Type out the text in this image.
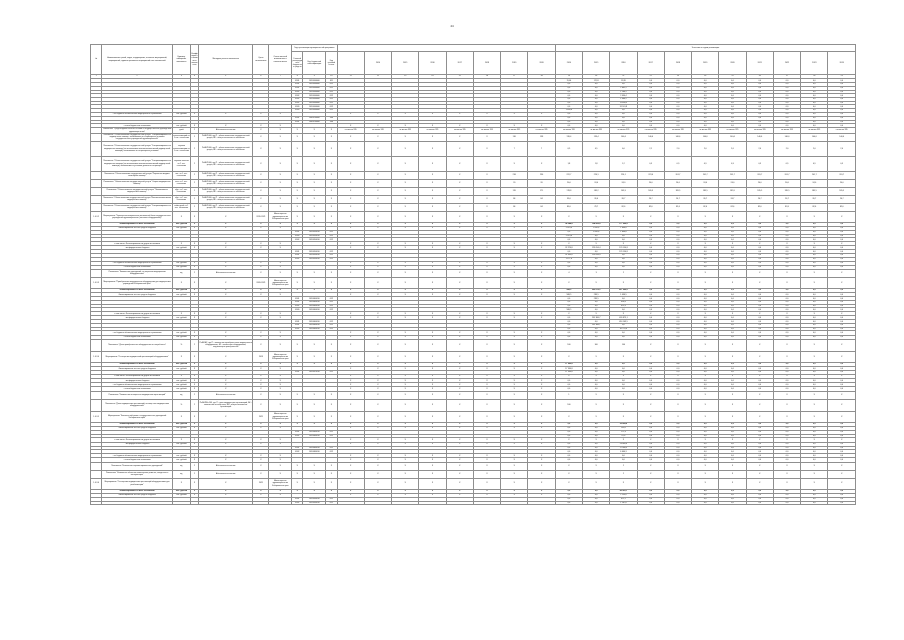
44
№	Наименование целей, задач, подпрограмм, основных мероприятий, мероприятий, административных мероприятий и их показателей	Единица измерения показателя	Коэффициент значимости показателя	Методика расчета показателя	Орган исполнитель	Ответственный исполнитель и соисполнитель	Годы реализации муниципальной программы											Значения по годам реализации										
							Главный распорядитель бюджетных средств	Код бюджетной классификации	Код целевой статьи		2014	2015	2016	2017	2018	2019	2020	2014	2015	2016	2017	2018	2019	2020	2021	2022	2023	2024
1	2	3	4	5	6	7	8	9	10	11	12	13	14	15	16	17	18	19	20	21	22	23	24	25	26	27	28	29
							0901	1650000000	611									11,04	12,18	11,89	0,0	0,0	0,0	0,0	0,0	0,0	0,0	0,0
							0901	1650000000	612									0,0	0,0	0,0	0,0	0,0	0,0	0,0	0,0	0,0	0,0	0,0
							0901	1650000000	621									0,0	0,0	2 862,5	0,0	0,0	0,0	0,0	0,0	0,0	0,0	0,0
							0902	1650000000	612									0,0	0,0	1 280,5	0,0	0,0	0,0	0,0	0,0	0,0	0,0	0,0
							0902	1650000000	612									0,0	0,0	2 094,4	0,0	0,0	0,0	0,0	0,0	0,0	0,0	0,0
							0902	1650000000	612									0,0	0,0	1 080,5	0,0	0,0	0,0	0,0	0,0	0,0	0,0	0,0
							0902	1650000000	622									0,0	0,0	11 604,3	0,0	0,0	0,0	0,0	0,0	0,0	0,0	0,0
							0909	1650000000	612									0,0	0,0	31 161,8	0,0	0,0	0,0	0,0	0,0	0,0	0,0	0,0
							0909	1650000000	612									1 843,8	0,0	0,0	0,0	0,0	0,0	0,0	0,0	0,0	0,0	0,0
	- из бюджета обязательного медицинского страхования	тыс. рублей	X	X	X	X				X	X	X	X	X	X	X	X	0,0	0,0	0,0	0,0	0,0	0,0	0,0	0,0	0,0	0,0	0,0
							0901	1660700000	346									0,0	0,0	0,0	0,0	0,0	0,0	0,0	0,0	0,0	0,0	0,0
							0901	1660700000	346									0,0	0,0	0,0	0,0	0,0	0,0	0,0	0,0	0,0	0,0	0,0
	- из внебюджетных источников	тыс. рублей	X	X	X	X				X	X	X	X	X	X	X	X	0,0	0,0	0,0	0,0	0,0	0,0	0,0	0,0	0,0	0,0	0,0
	Показатель "Среднегодовая занятость койки в государственных учреждениях здравоохранения"	дней	2	Абсолютное значение	X	X	X	X	X	не менее 335	не менее 335	не менее 335	не менее 335	не менее 335	не менее 335	не менее 335	не менее 335	не менее 335	не менее 335	не менее 335	не менее 335	не менее 335	не менее 335	не менее 335	не менее 335	не менее 335	не менее 335	не менее 335
	Показатель "Объем оказания государственной услуги "Специализированная медицинская помощь, оказываемая в стационарных условиях государственных учреждений здравоохранения"	госпитализаций на 1 тыс. населения	2	П=ΔF/1000, где П - объем оказанных государственной услуги, ΔF - общая численность населения	X	X	X	X	X	X	X	X	X	X	X	130	138	139,4	139,4	140,6	140,6	140,6	140,6	140,6	140,6	140,6	140,6	140,6
	Показатель "Объем оказания государственной услуги "Специализированная медицинская помощь (за исключением высокотехнологичной медицинской помощи), оказываемая в стационарных условиях"	случаев госпитализации на 1 тыс. населения	2	П=ΔF/1000, где П - объем оказанных государственной услуги, ΔF - общая численность населения	X	X	X	X	X	X	X	X	X	X	X	7	7	6,9	4,5	0,0	2,1	2,0	2,0	2,0	2,0	2,0	2,0	2,0
	Показатель "Объем оказания государственной услуги "Специализированная медицинская помощь (за исключением высокотехнологичной медицинской помощи), оказываемая в условиях дневного стационара"	случаев лечения на 1 тыс. населения	2	П=ΔF/1000, где П - объем оказанных государственной услуги, ΔF - общая численность населения	X	X	X	X	X	X	X	X	X	X	X	X	X	1,8	1,8	1,2	0,9	0,9	0,9	0,9	0,9	0,9	0,9	0,9
	Показатель "Объем оказания государственной услуги "Первичная медико-санитарная помощь"	пос. на 1 тыс. населения	2	П=ΔF/1000, где П - объем оказанных государственной услуги, ΔF - общая численность населения	X	X	X	X	X	X	X	X	X	X	X	236	236	222,7	226,1	226,1	274,6	201,7	201,7	201,7	201,7	201,7	201,7	201,7
	Показатель "Объем оказания государственной услуги "Скорая медицинская помощь"	выз. на 1 тыс. населения	2	П=ΔF/1000, где П - объем оказанных государственной услуги, ΔF - общая численность населения	X	X	X	X	X	X	X	X	X	X	X	20	20	20,0	24,0	24,0	24,0	24,0	24,0	24,0	24,0	24,0	24,0	24,0
	Показатель "Объем оказания государственной услуги "Паллиативная медицинская помощь"	к/дн. на 1 тыс. населения	2	П=ΔF/1000, где П - объем оказанных государственной услуги, ΔF - общая численность населения	X	X	X	X	X	X	X	X	X	X	X	135	171	178,8	185,2	169,9	169,9	185,5	185,5	185,5	185,5	185,5	185,5	185,5
	Показатель "Объем оказания государственной услуги "Высокотехнологичная медицинская помощь"	к/дн. на 1 тыс. населения	2	П=ΔF/1000, где П - объем оказанных государственной услуги, ΔF - общая численность населения	X	X	X	X	X	X	X	X	X	X	X	84	84	33,0	26,6	26,7	26,7	26,7	26,7	26,7	26,7	26,7	26,7	26,7
	Показатель "Объем оказания государственной услуги "Специализированная медицинская помощь"	койко-дней на 1 тыс. населения	2	П=ΔF/1000, где П - объем оказанных государственной услуги, ΔF - общая численность населения	X	X	X	X	X	X	X	X	X	X	X	84	84	83,0	78,7	82,6	82,6	82,6	82,6	82,6	82,6	82,6	82,6	82,6
1.4.3.2	Мероприятие "Укрепление материально-технической базы государственных учреждений здравоохранения (поставка оборудования)"	X	X	X	2019-2021	Министерство здравоохранения Хабаровского края	X	X	X	X	X	X	X	X	X	X	X	X	X	X	X	X	X	X	X	X	X	X
	Финансирование из всех источников	тыс. рублей	X	X	X	X	X	X	X	X	X	X	X	X	X	X	X	34 344,8	124 682,8	177 999,6	0,0	0,0	0,0	0,0	0,0	0,0	0,0	0,0
	Финансирование за счет средств бюджета	тыс. рублей	X	X	X	X				X	X	X	X	X	X	X	X	2 074,0	1 626,4	1 844,8	0,0	0,0	0,0	0,0	0,0	0,0	0,0	0,0
							0901	1650050010	612									0,0	1 626,4	1 844,8	0,0	0,0	0,0	0,0	0,0	0,0	0,0	0,0
							0909	1650050010	612									2 074,0	0,0	0,0	0,0	0,0	0,0	0,0	0,0	0,0	0,0	0,0
							0902	1650050010	612									0,0	0,0	0,0	0,0	0,0	0,0	0,0	0,0	0,0	0,0	0,0
	в том числе: Финансирование из других источников	X	X	X	X	X				X	X	X	X	X	X	X	X	X	X	X	X	X	X	X	X	X	X	X
	- из федерального бюджета	тыс. рублей	X	X	X	X				X	X	X	X	X	X	X	X	32 270,8	123 056,4	176 154,8	0,0	0,0	0,0	0,0	0,0	0,0	0,0	0,0
							0901	1650050010	612									0,0	0,0	176 154,8	0,0	0,0	0,0	0,0	0,0	0,0	0,0	0,0
							0901	1650050010	612									31 093,0	123 056,4	0,0	0,0	0,0	0,0	0,0	0,0	0,0	0,0	0,0
							0902	1650050010	612									1 177,8	0,0	0,0	0,0	0,0	0,0	0,0	0,0	0,0	0,0	0,0
	- из бюджета обязательного медицинского страхования	тыс. рублей	X	X	X	X				X	X	X	X	X	X	X	X	0,0	0,0	0,0	0,0	0,0	0,0	0,0	0,0	0,0	0,0	0,0
	- из внебюджетных источников	тыс. рублей	X	X	X	X				X	X	X	X	X	X	X	X	0,0	0,0	0,0	0,0	0,0	0,0	0,0	0,0	0,0	0,0	0,0
	Показатель "Количество учреждений, оснащенных медицинским оборудованием"	ед.	2	Абсолютное значение	X	X	X	X	X	X	X	X	X	X	X	X	X	4	3	2	X	X	X	X	X	X	X	X
1.4.3.3	Мероприятие "Приобретение медицинского оборудования для медицинских учреждений Хабаровского края"	X	X	X	2020-2021	Министерство здравоохранения Хабаровского края	X	X	X	X	X	X	X	X	X	X	X	X	X	X	X	X	X	X	X	X	X	X
	Финансирование из всех источников	тыс. рублей	X	X	X	X	X	X	X	X	X	X	X	X	X	X	X	588,5	295 676,2	427 969,6	0,0	0,0	0,0	0,0	0,0	0,0	0,0	0,0
	Финансирование за счет средств бюджета	тыс. рублей	X	X	X	X				X	X	X	X	X	X	X	X	588,5	289,5	1 096,5	0,0	0,0	0,0	0,0	0,0	0,0	0,0	0,0
							0901	1650060010	612									0,0	289,5	0,0	0,0	0,0	0,0	0,0	0,0	0,0	0,0	0,0
							0901	1650060010	612									0,0	0,0	416,6	0,0	0,0	0,0	0,0	0,0	0,0	0,0	0,0
							0902	1650060010	612									0,0	0,0	679,9	0,0	0,0	0,0	0,0	0,0	0,0	0,0	0,0
							0909	1650060010	612									588,5	0,0	0,0	0,0	0,0	0,0	0,0	0,0	0,0	0,0	0,0
	в том числе: Финансирование из других источников	X	X	X	X	X				X	X	X	X	X	X	X	X	X	X	X	X	X	X	X	X	X	X	X
	- из федерального бюджета	тыс. рублей	X	X	X	X				X	X	X	X	X	X	X	X	0,0	295 386,7	426 873,1	0,0	0,0	0,0	0,0	0,0	0,0	0,0	0,0
							0901	1650060010	612									0,0	0,0	416 143,5	0,0	0,0	0,0	0,0	0,0	0,0	0,0	0,0
							0901	1650060010	612									0,0	295 386,7	0,0	0,0	0,0	0,0	0,0	0,0	0,0	0,0	0,0
							0902	1650060010	612									0,0	0,0	10 729,6	0,0	0,0	0,0	0,0	0,0	0,0	0,0	0,0
	- из бюджета обязательного медицинского страхования	тыс. рублей	X	X	X	X				X	X	X	X	X	X	X	X	0,0	0,0	0,0	0,0	0,0	0,0	0,0	0,0	0,0	0,0	0,0
	- из внебюджетных источников	тыс. рублей	X	X	X	X				X	X	X	X	X	X	X	X	0,0	0,0	0,0	0,0	0,0	0,0	0,0	0,0	0,0	0,0	0,0
	Показатель "Доля приобретенного оборудования от потребности"	%	2	П=ΔF/ΔZ, где П - количество приобретенного медицинского оборудования, ΔZ - количество оборудования, подлежащего приобретению	X	X	X	X	X	X	X	X	X	X	X	X	X	100	100	100	X	X	X	X	X	X	X	X
1.4.3.4	Мероприятие "Оснащение медицинской организацией оборудованием"	X	X	X	2019	Министерство здравоохранения Хабаровского края	X	X	X	X	X	X	X	X	X	X	X	X	X	X	X	X	X	X	X	X	X	X
	Финансирование из всех источников	тыс. рублей	X	X	X	X	X	X	X	X	X	X	X	X	X	X	X	17 990,8	0,0	0,0	0,0	0,0	0,0	0,0	0,0	0,0	0,0	0,0
	Финансирование за счет средств бюджета	тыс. рублей	X	X	X	X				X	X	X	X	X	X	X	X	17 990,8	0,0	0,0	0,0	0,0	0,0	0,0	0,0	0,0	0,0	0,0
							0901	1650070010	612									17 990,8	0,0	0,0	0,0	0,0	0,0	0,0	0,0	0,0	0,0	0,0
	в том числе: Финансирование из других источников	X	X	X	X	X				X	X	X	X	X	X	X	X	X	X	X	X	X	X	X	X	X	X	X
	- из федерального бюджета	тыс. рублей	X	X	X	X				X	X	X	X	X	X	X	X	0,0	0,0	0,0	0,0	0,0	0,0	0,0	0,0	0,0	0,0	0,0
	- из бюджета обязательного медицинского страхования	тыс. рублей	X	X	X	X				X	X	X	X	X	X	X	X	0,0	0,0	0,0	0,0	0,0	0,0	0,0	0,0	0,0	0,0	0,0
	- из внебюджетных источников	тыс. рублей	X	X	X	X				X	X	X	X	X	X	X	X	0,0	0,0	0,0	0,0	0,0	0,0	0,0	0,0	0,0	0,0	0,0
	Показатель "Количество оснащенных медицинских организаций"	ед.	2	Абсолютное значение	X	X	X	X	X	X	X	X	X	X	X	X	X	1	X	X	X	X	X	X	X	X	X	X
	Показатель "Доля медицинских организаций, оснащенных медицинским оборудованием"	%	2	П=ΔF/ΔN×100, где П - доля медицинских организаций, ΔF - количество оснащенных, ΔN - общее количество организаций	X	X	X	X	X	X	X	X	X	X	X	X	X	100	X	X	X	X	X	X	X	X	X	X
1.4.3.5	Мероприятие "Капитальный ремонт государственных учреждений Хабаровского края"	X	X	X	2021	Министерство здравоохранения Хабаровского края	X	X	X	X	X	X	X	X	X	X	X	X	X	X	X	X	X	X	X	X	X	X
	Финансирование из всех источников	тыс. рублей	X	X	X	X	X	X	X	X	X	X	X	X	X	X	X	0,0	0,0	23 899,6	0,0	0,0	0,0	0,0	0,0	0,0	0,0	0,0
	Финансирование за счет средств бюджета	тыс. рублей	X	X	X	X				X	X	X	X	X	X	X	X	0,0	0,0	239,0	0,0	0,0	0,0	0,0	0,0	0,0	0,0	0,0
							0901	1650080010	612									0,0	0,0	171,4	0,0	0,0	0,0	0,0	0,0	0,0	0,0	0,0
							0902	1650080010	612									0,0	0,0	67,6	0,0	0,0	0,0	0,0	0,0	0,0	0,0	0,0
	в том числе: Финансирование из других источников	X	X	X	X	X				X	X	X	X	X	X	X	X	X	X	X	X	X	X	X	X	X	X	X
	- из федерального бюджета	тыс. рублей	X	X	X	X				X	X	X	X	X	X	X	X	0,0	0,0	23 660,6	0,0	0,0	0,0	0,0	0,0	0,0	0,0	0,0
							0901	1650080010	612									0,0	0,0	17 000,3	0,0	0,0	0,0	0,0	0,0	0,0	0,0	0,0
							0902	1650080010	612									0,0	0,0	6 660,3	0,0	0,0	0,0	0,0	0,0	0,0	0,0	0,0
	- из бюджета обязательного медицинского страхования	тыс. рублей	X	X	X	X				X	X	X	X	X	X	X	X	0,0	0,0	0,0	0,0	0,0	0,0	0,0	0,0	0,0	0,0	0,0
	- из внебюджетных источников	тыс. рублей	X	X	X	X				X	X	X	X	X	X	X	X	0,0	0,0	0,0	0,0	0,0	0,0	0,0	0,0	0,0	0,0	0,0
	Показатель "Количество отремонтированных учреждений"	ед.	2	Абсолютное значение	X	X	X	X	X	X	X	X	X	X	X	X	X	X	X	2	X	X	X	X	X	X	X	X
	Показатель "Количество объектов капитального ремонта, введенных в эксплуатацию"	ед.	2	Абсолютное значение	X	X	X	X	X	X	X	X	X	X	X	X	X	X	X	2	X	X	X	X	X	X	X	X
1.4.3.6	Мероприятие "Оснащение медицинских организаций оборудованием для реабилитации"	X	X	X	2021	Министерство здравоохранения Хабаровского края	X	X	X	X	X	X	X	X	X	X	X	X	X	X	X	X	X	X	X	X	X	X
	Финансирование из всех источников	тыс. рублей	X	X	X	X	X	X	X	X	X	X	X	X	X	X	X	0,0	0,0	83 022,1	0,0	0,0	0,0	0,0	0,0	0,0	0,0	0,0
	Финансирование за счет средств бюджета	тыс. рублей	X	X	X	X				X	X	X	X	X	X	X	X	0,0	0,0	2 159,0	0,0	0,0	0,0	0,0	0,0	0,0	0,0	0,0
							0901	1650090010	612									0,0	0,0	871,2	0,0	0,0	0,0	0,0	0,0	0,0	0,0	0,0
							0902	1650090010	612									0,0	0,0	1 287,8	0,0	0,0	0,0	0,0	0,0	0,0	0,0	0,0
